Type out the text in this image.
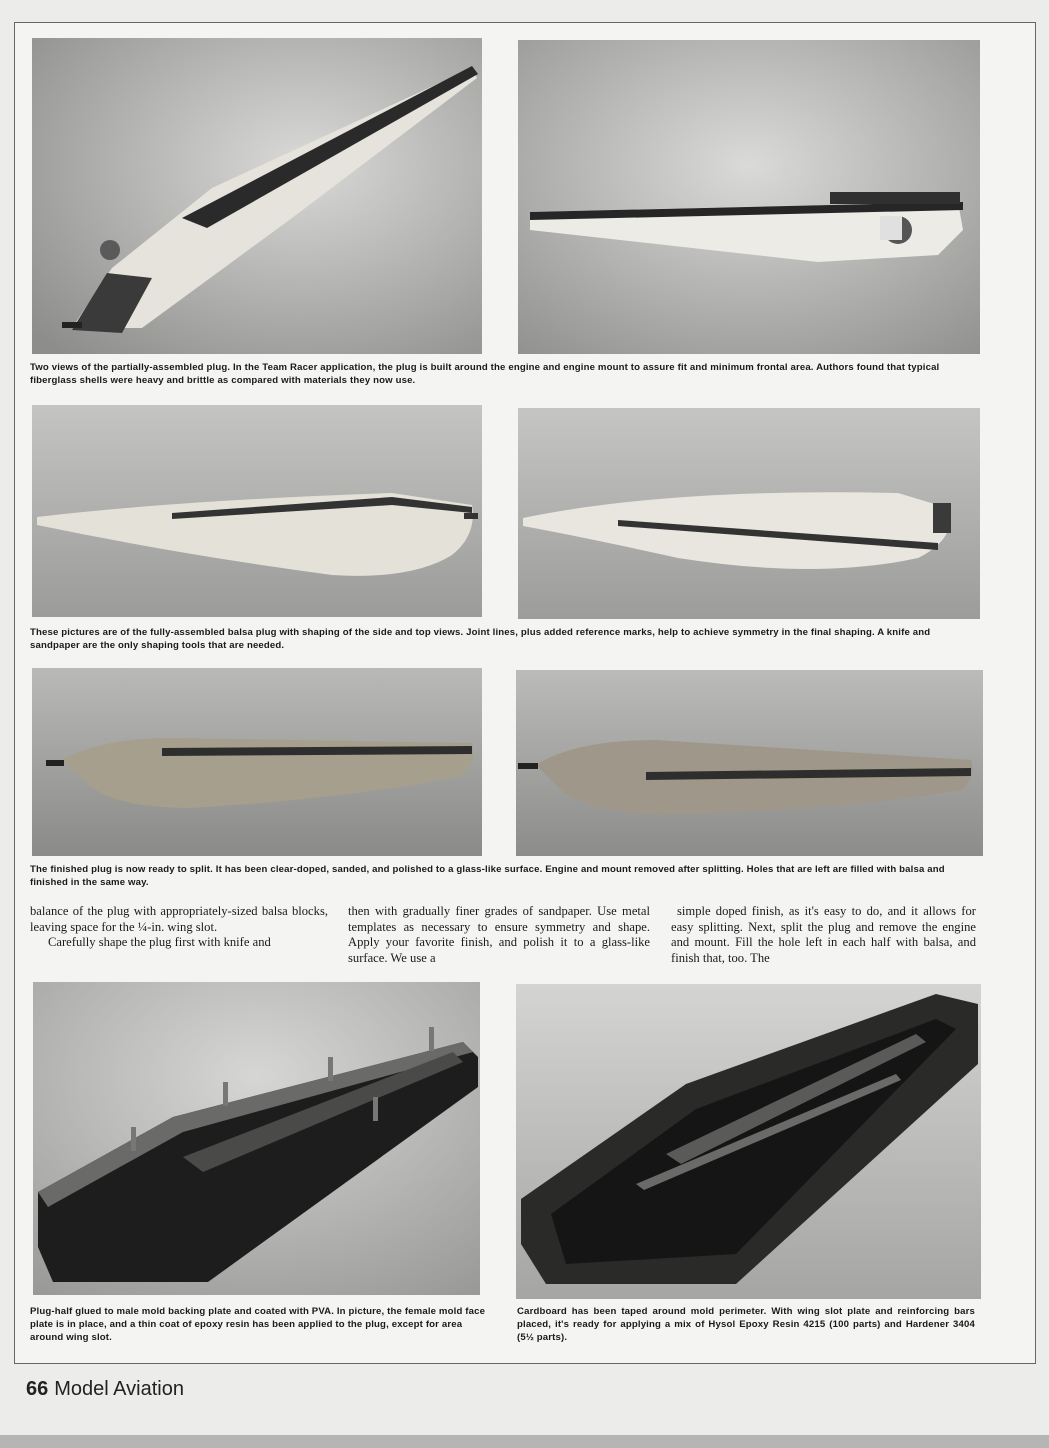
Two views of the partially-assembled plug. In the Team Racer application, the plug is built around the engine and engine mount to assure fit and minimum frontal area. Authors found that typical fiberglass shells were heavy and brittle as compared with materials they now use.

These pictures are of the fully-assembled balsa plug with shaping of the side and top views. Joint lines, plus added reference marks, help to achieve symmetry in the final shaping. A knife and sandpaper are the only shaping tools that are needed.

The finished plug is now ready to split. It has been clear-doped, sanded, and polished to a glass-like surface. Engine and mount removed after splitting. Holes that are left are filled with balsa and finished in the same way.

balance of the plug with appropriately-sized balsa blocks, leaving space for the ¼-in. wing slot.
Carefully shape the plug first with knife and

then with gradually finer grades of sandpaper. Use metal templates as necessary to ensure symmetry and shape. Apply your favorite finish, and polish it to a glass-like surface. We use a

simple doped finish, as it's easy to do, and it allows for easy splitting. Next, split the plug and remove the engine and mount. Fill the hole left in each half with balsa, and finish that, too. The

Plug-half glued to male mold backing plate and coated with PVA. In picture, the female mold face plate is in place, and a thin coat of epoxy resin has been applied to the plug, except for area around wing slot.

Cardboard has been taped around mold perimeter. With wing slot plate and reinforcing bars placed, it's ready for applying a mix of Hysol Epoxy Resin 4215 (100 parts) and Hardener 3404 (5½ parts).

66 Model Aviation
